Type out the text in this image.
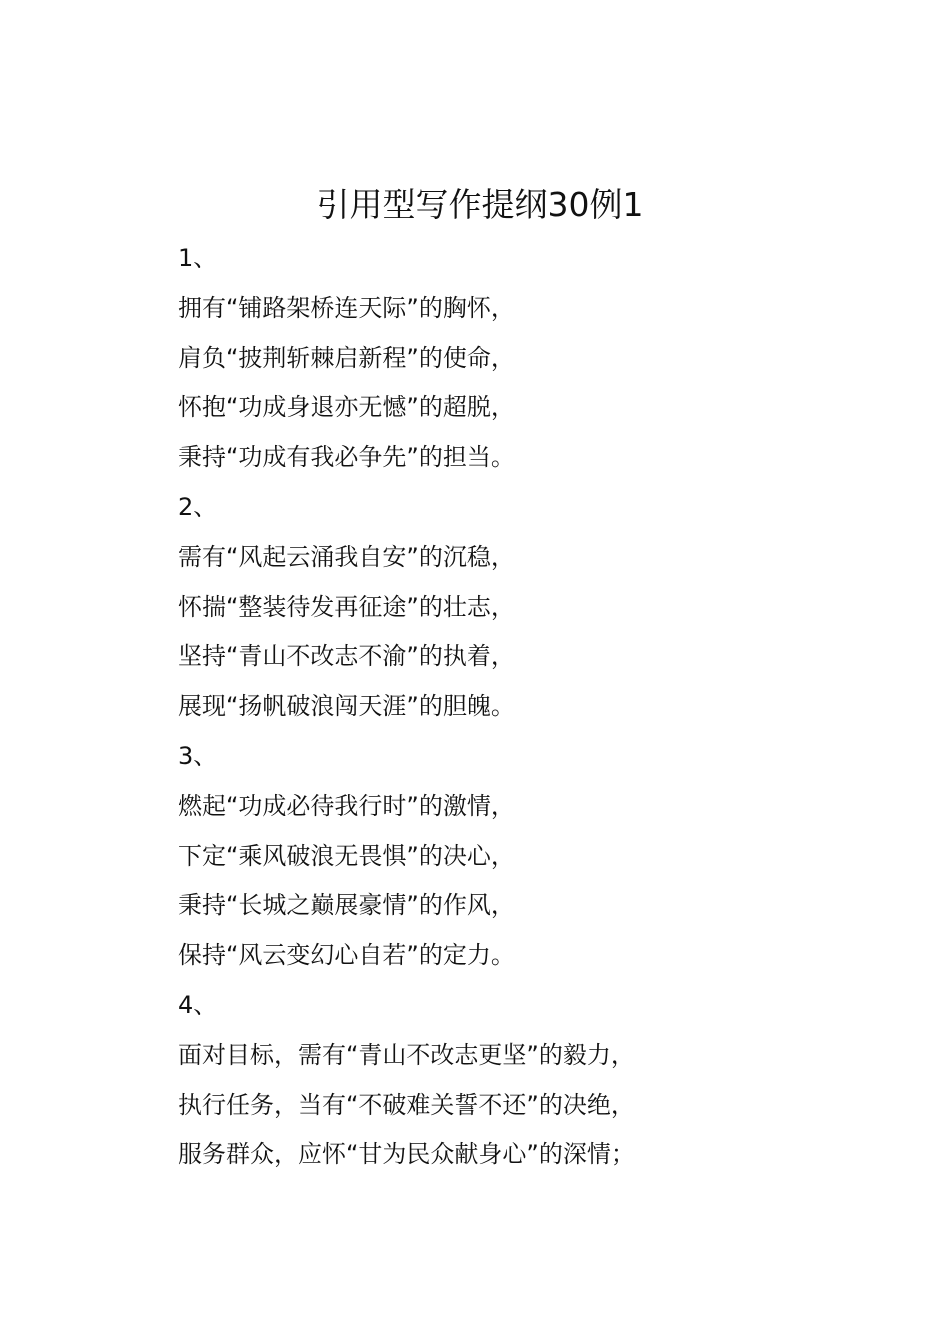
引用型写作提纲30例1
1、
拥有“铺路架桥连天际”的胸怀，
肩负“披荆斩棘启新程”的使命，
怀抱“功成身退亦无憾”的超脱，
秉持“功成有我必争先”的担当。
2、
需有“风起云涌我自安”的沉稳，
怀揣“整装待发再征途”的壮志，
坚持“青山不改志不渝”的执着，
展现“扬帆破浪闯天涯”的胆魄。
3、
燃起“功成必待我行时”的激情，
下定“乘风破浪无畏惧”的决心，
秉持“长城之巅展豪情”的作风，
保持“风云变幻心自若”的定力。
4、
面对目标，需有“青山不改志更坚”的毅力，
执行任务，当有“不破难关誓不还”的决绝，
服务群众，应怀“甘为民众献身心”的深情；
